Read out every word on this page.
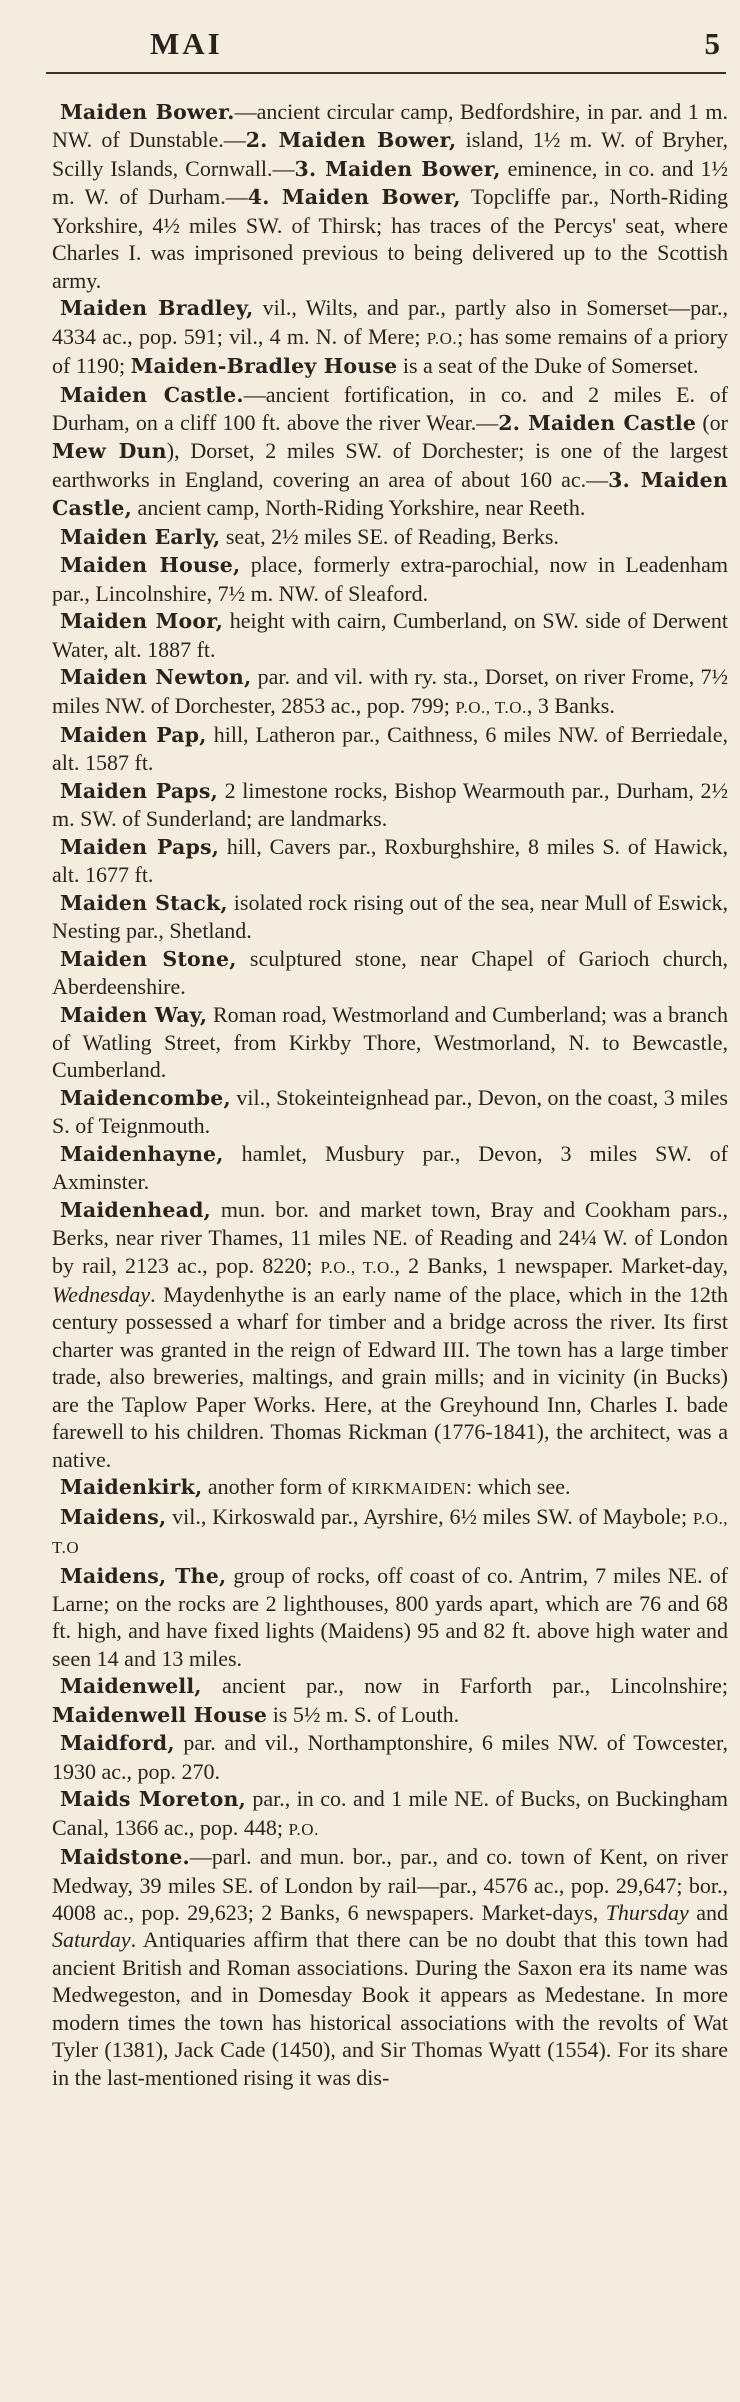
MAI	5

Maiden Bower.—ancient circular camp, Bedfordshire, in par. and 1 m. NW. of Dunstable.—2. Maiden Bower, island, 1½ m. W. of Bryher, Scilly Islands, Cornwall.—3. Maiden Bower, eminence, in co. and 1½ m. W. of Durham.—4. Maiden Bower, Topcliffe par., North-Riding Yorkshire, 4½ miles SW. of Thirsk; has traces of the Percys' seat, where Charles I. was imprisoned previous to being delivered up to the Scottish army.

Maiden Bradley, vil., Wilts, and par., partly also in Somerset—par., 4334 ac., pop. 591; vil., 4 m. N. of Mere; P.O.; has some remains of a priory of 1190; Maiden-Bradley House is a seat of the Duke of Somerset.

Maiden Castle.—ancient fortification, in co. and 2 miles E. of Durham, on a cliff 100 ft. above the river Wear.—2. Maiden Castle (or Mew Dun), Dorset, 2 miles SW. of Dorchester; is one of the largest earthworks in England, covering an area of about 160 ac.—3. Maiden Castle, ancient camp, North-Riding Yorkshire, near Reeth.

Maiden Early, seat, 2½ miles SE. of Reading, Berks.

Maiden House, place, formerly extra-parochial, now in Leadenham par., Lincolnshire, 7½ m. NW. of Sleaford.

Maiden Moor, height with cairn, Cumberland, on SW. side of Derwent Water, alt. 1887 ft.

Maiden Newton, par. and vil. with ry. sta., Dorset, on river Frome, 7½ miles NW. of Dorchester, 2853 ac., pop. 799; P.O., T.O., 3 Banks.

Maiden Pap, hill, Latheron par., Caithness, 6 miles NW. of Berriedale, alt. 1587 ft.

Maiden Paps, 2 limestone rocks, Bishop Wearmouth par., Durham, 2½ m. SW. of Sunderland; are landmarks.

Maiden Paps, hill, Cavers par., Roxburghshire, 8 miles S. of Hawick, alt. 1677 ft.

Maiden Stack, isolated rock rising out of the sea, near Mull of Eswick, Nesting par., Shetland.

Maiden Stone, sculptured stone, near Chapel of Garioch church, Aberdeenshire.

Maiden Way, Roman road, Westmorland and Cumberland; was a branch of Watling Street, from Kirkby Thore, Westmorland, N. to Bewcastle, Cumberland.

Maidencombe, vil., Stokeinteignhead par., Devon, on the coast, 3 miles S. of Teignmouth.

Maidenhayne, hamlet, Musbury par., Devon, 3 miles SW. of Axminster.

Maidenhead, mun. bor. and market town, Bray and Cookham pars., Berks, near river Thames, 11 miles NE. of Reading and 24¼ W. of London by rail, 2123 ac., pop. 8220; P.O., T.O., 2 Banks, 1 newspaper. Market-day, Wednesday. Maydenhythe is an early name of the place, which in the 12th century possessed a wharf for timber and a bridge across the river. Its first charter was granted in the reign of Edward III. The town has a large timber trade, also breweries, maltings, and grain mills; and in vicinity (in Bucks) are the Taplow Paper Works. Here, at the Greyhound Inn, Charles I. bade farewell to his children. Thomas Rickman (1776-1841), the architect, was a native.

Maidenkirk, another form of KIRKMAIDEN: which see.

Maidens, vil., Kirkoswald par., Ayrshire, 6½ miles SW. of Maybole; P.O., T.O

Maidens, The, group of rocks, off coast of co. Antrim, 7 miles NE. of Larne; on the rocks are 2 lighthouses, 800 yards apart, which are 76 and 68 ft. high, and have fixed lights (Maidens) 95 and 82 ft. above high water and seen 14 and 13 miles.

Maidenwell, ancient par., now in Farforth par., Lincolnshire; Maidenwell House is 5½ m. S. of Louth.

Maidford, par. and vil., Northamptonshire, 6 miles NW. of Towcester, 1930 ac., pop. 270.

Maids Moreton, par., in co. and 1 mile NE. of Bucks, on Buckingham Canal, 1366 ac., pop. 448; P.O.

Maidstone.—parl. and mun. bor., par., and co. town of Kent, on river Medway, 39 miles SE. of London by rail—par., 4576 ac., pop. 29,647; bor., 4008 ac., pop. 29,623; 2 Banks, 6 newspapers. Market-days, Thursday and Saturday. Antiquaries affirm that there can be no doubt that this town had ancient British and Roman associations. During the Saxon era its name was Medwegeston, and in Domesday Book it appears as Medestane. In more modern times the town has historical associations with the revolts of Wat Tyler (1381), Jack Cade (1450), and Sir Thomas Wyatt (1554). For its share in the last-mentioned rising it was dis-
